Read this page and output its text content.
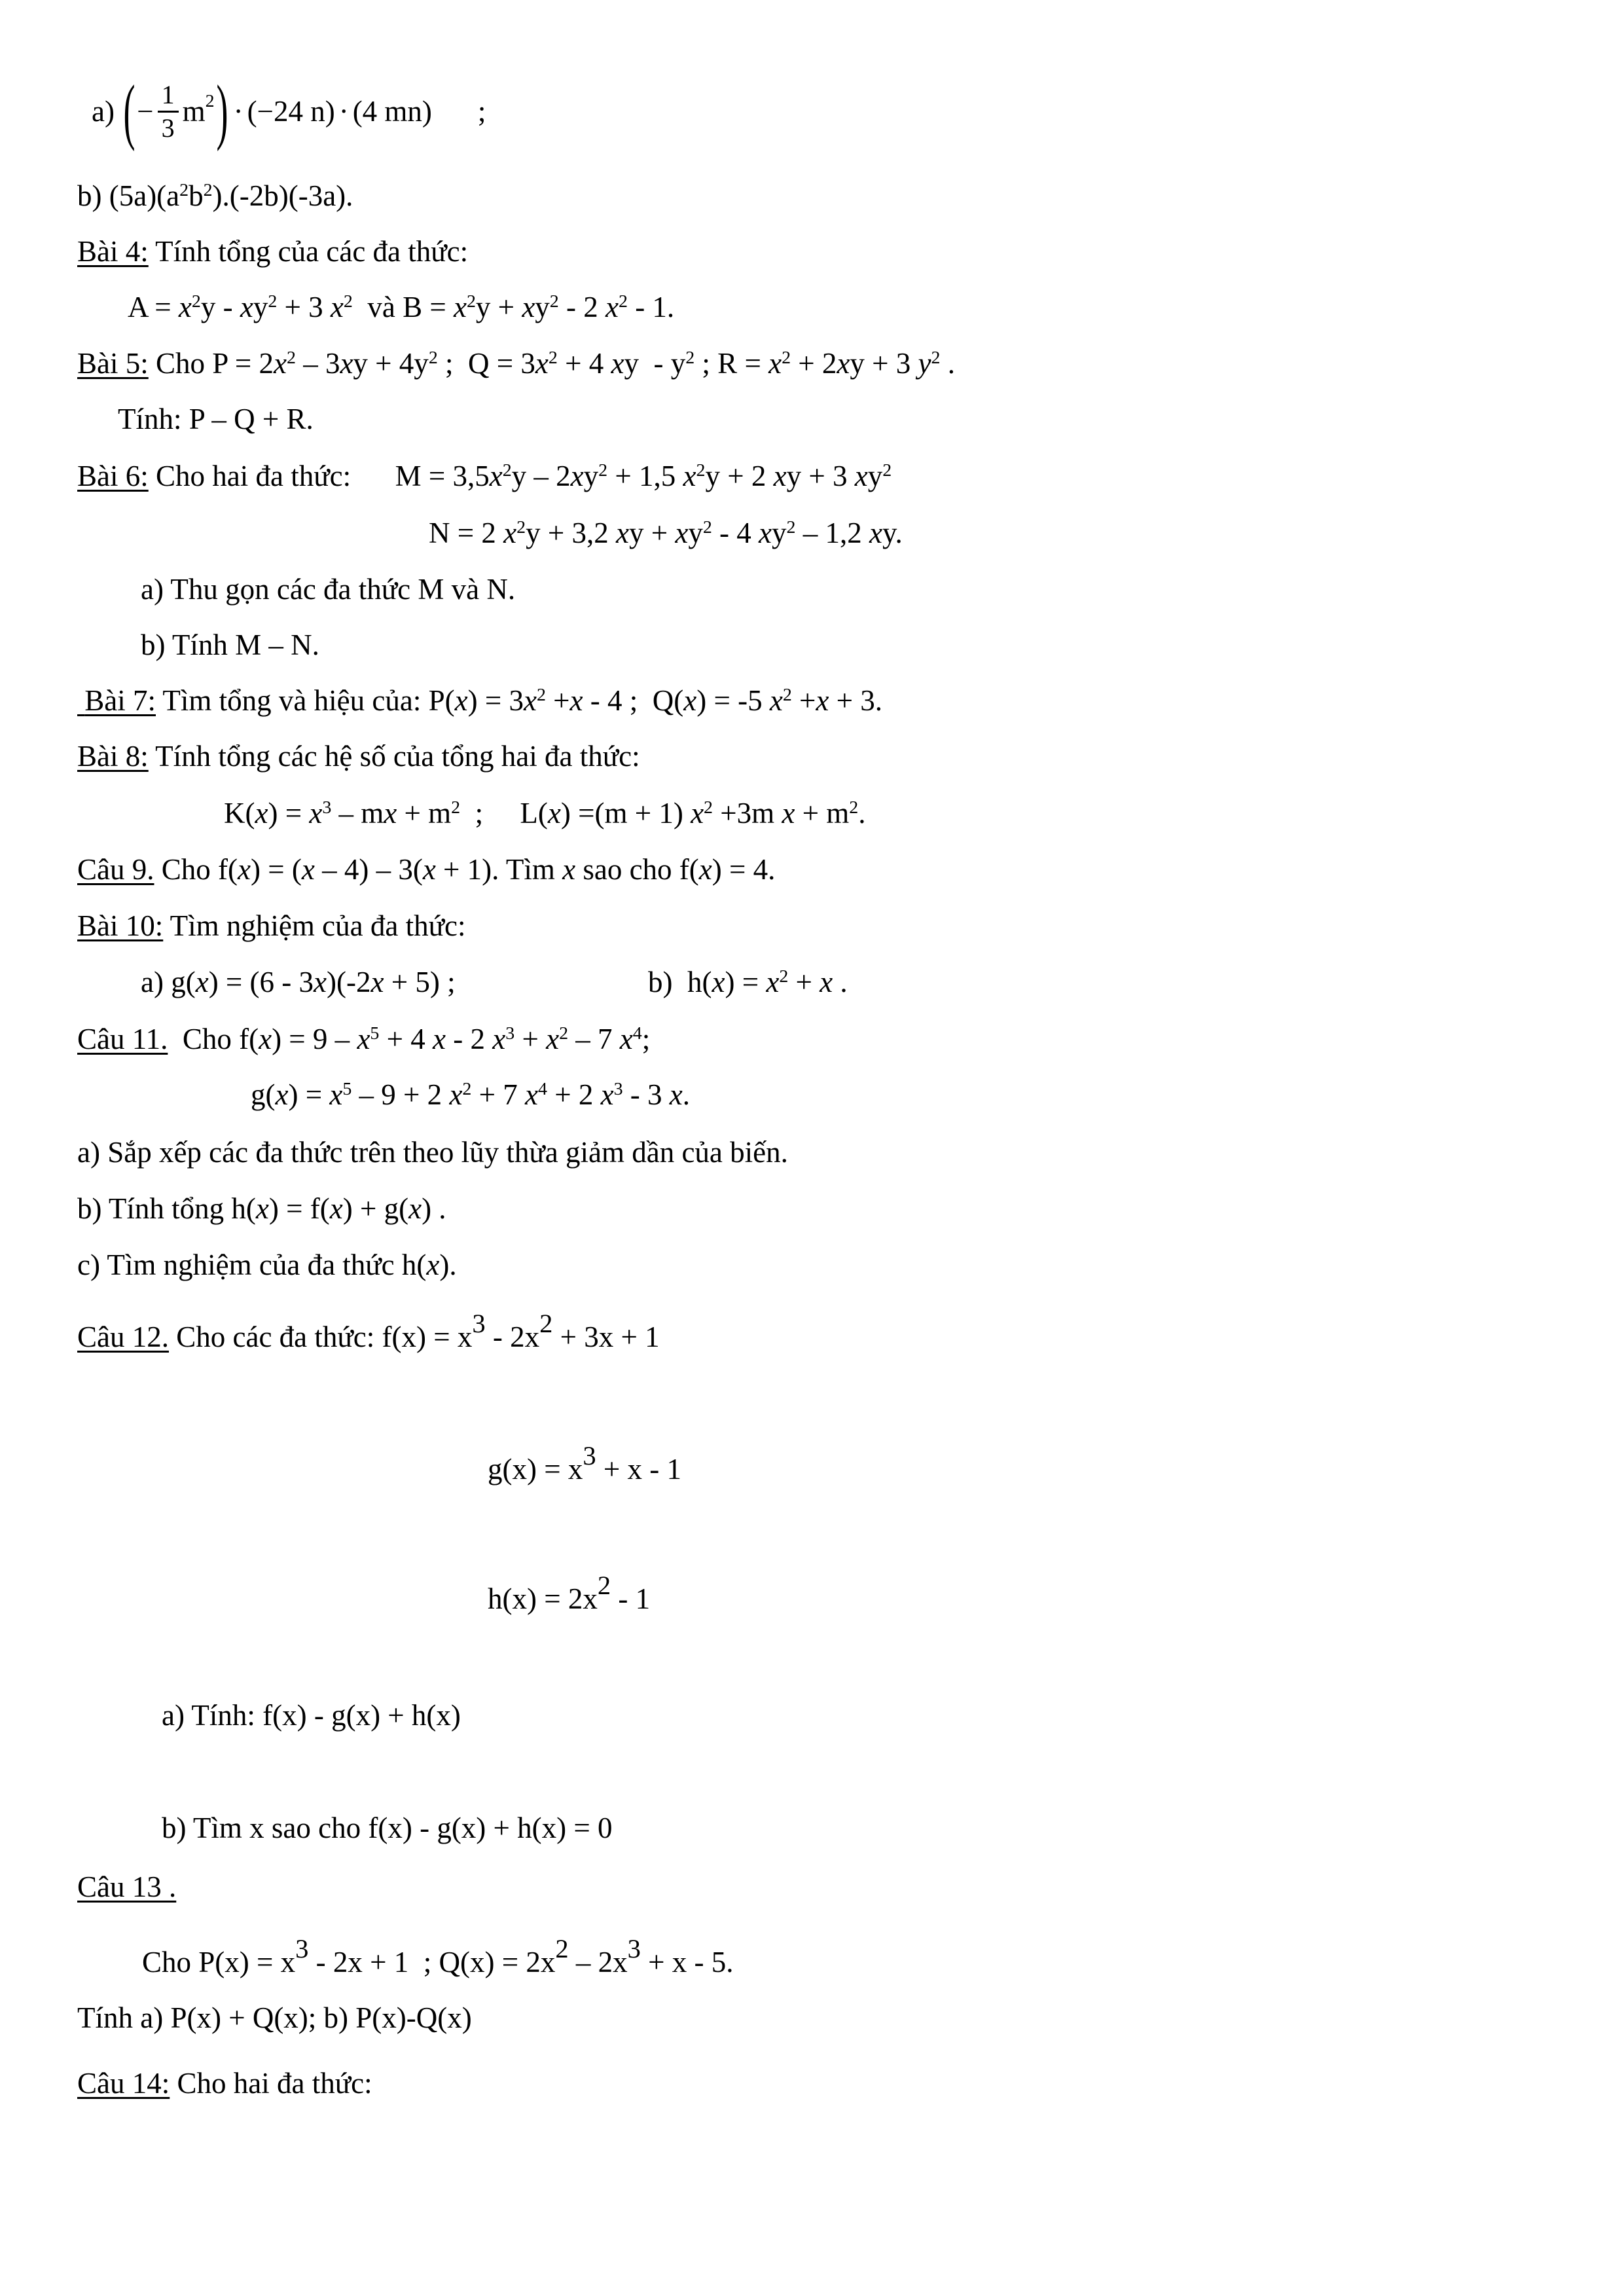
a)
( − $\frac{1}{3} m^2$ ) · (−24 n) · (4 mn) ;
b) $(5a)(a^2b^2).(-2b)(-3a)$.
Bài 4: Tính tổng của các đa thức:
$A = x^2y - xy^2 + 3$ $x^2$  và $B = x^2y + xy^2 - 2$ $x^2 - 1$.
Bài 5: Cho $P = 2x^2 - 3xy + 4y^2$ ;  $Q = 3x^2 + 4$ xy  - $y^2$ ; $R = x^2 + 2xy + 3$ $y^2$ .
Tính: P – Q + R.
Bài 6: Cho hai đa thức:      $M = 3,5x^2y - 2xy^2 + 1,5$ $x^2y + 2$ xy + 3 $xy^2$
N = 2 $x^2y + 3,2$ xy + $xy^2 - 4$ $xy^2 - 1,2$ xy.
a) Thu gọn các đa thức M và N.
b) Tính M – N.
Bài 7: Tìm tổng và hiệu của: $P(x) = 3x^2 +x - 4$ ;  Q(x) = -5 $x^2 +x + 3$.
Bài 8: Tính tổng các hệ số của tổng hai đa thức:
$K(x) = x^3$ – mx + $m^2$  ;     L(x) =(m + 1) $x^2 +3m$ $x + m^2$.
Câu 9. Cho f(x) = (x – 4) – 3(x + 1). Tìm x sao cho f(x) = 4.
Bài 10: Tìm nghiệm của đa thức:
a) g(x) = (6 - 3x)(-2x + 5) ;	b)  $h(x) = x^2 + x$ .
Câu 11.  Cho $f(x) = 9 - x^5 + 4$ x - 2 $x^3 + x^2 - 7$ $x^4$;
$g(x) = x^5 - 9 + 2$ $x^2 + 7$ $x^4 + 2$ $x^3 - 3$ x.
a) Sắp xếp các đa thức trên theo lũy thừa giảm dần của biến.
b) Tính tổng h(x) = f(x) + g(x) .
c) Tìm nghiệm của đa thức h(x).
Câu 12. Cho các đa thức: f(x) = x3 - 2x2 + 3x + 1
g(x) = x3 + x - 1
h(x) = 2x2 - 1
a) Tính: f(x) - g(x) + h(x)
b) Tìm x sao cho f(x) - g(x) + h(x) = 0
Câu 13 .
Cho P(x) = x3 - 2x + 1  ; Q(x) = 2x2 – 2x3 + x - 5.
Tính a) P(x) + Q(x); b) P(x)-Q(x)
Câu 14: Cho hai đa thức:
